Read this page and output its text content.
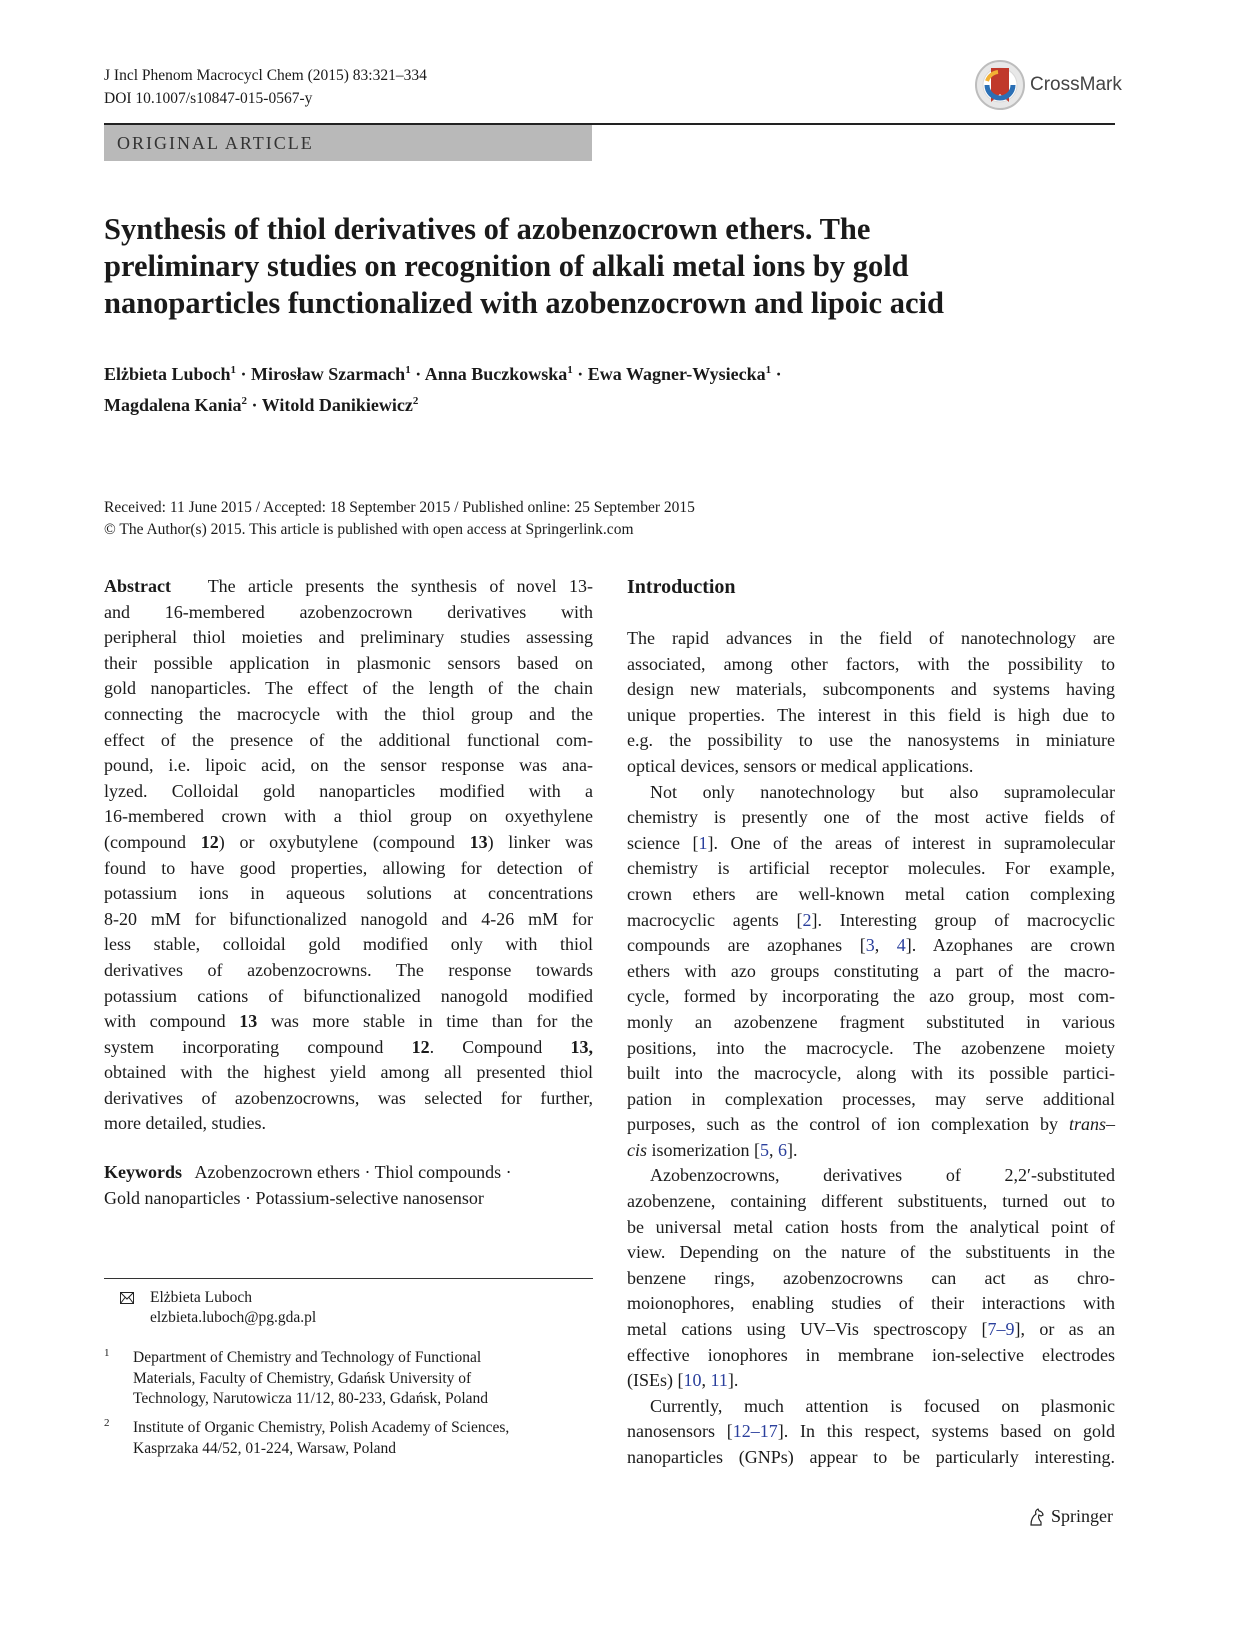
J Incl Phenom Macrocycl Chem (2015) 83:321–334
DOI 10.1007/s10847-015-0567-y
CrossMark
ORIGINAL ARTICLE
Synthesis of thiol derivatives of azobenzocrown ethers. The
preliminary studies on recognition of alkali metal ions by gold
nanoparticles functionalized with azobenzocrown and lipoic acid
Elżbieta Luboch$^1$ · Mirosław Szarmach$^1$ · Anna Buczkowska$^1$ · Ewa Wagner-Wysiecka$^1$ ·
Magdalena Kania$^2$ · Witold Danikiewicz$^2$
Received: 11 June 2015 / Accepted: 18 September 2015 / Published online: 25 September 2015
© The Author(s) 2015. This article is published with open access at Springerlink.com

Abstract The article presents the synthesis of novel 13-
and 16-membered azobenzocrown derivatives with
peripheral thiol moieties and preliminary studies assessing
their possible application in plasmonic sensors based on
gold nanoparticles. The effect of the length of the chain
connecting the macrocycle with the thiol group and the
effect of the presence of the additional functional com-
pound, i.e. lipoic acid, on the sensor response was ana-
lyzed. Colloidal gold nanoparticles modified with a
16-membered crown with a thiol group on oxyethylene
(compound 12) or oxybutylene (compound 13) linker was
found to have good properties, allowing for detection of
potassium ions in aqueous solutions at concentrations
8-20 mM for bifunctionalized nanogold and 4-26 mM for
less stable, colloidal gold modified only with thiol
derivatives of azobenzocrowns. The response towards
potassium cations of bifunctionalized nanogold modified
with compound 13 was more stable in time than for the
system incorporating compound 12. Compound 13,
obtained with the highest yield among all presented thiol
derivatives of azobenzocrowns, was selected for further,
more detailed, studies.

Keywords Azobenzocrown ethers · Thiol compounds ·
Gold nanoparticles · Potassium-selective nanosensor
Elżbieta Luboch
elzbieta.luboch@pg.gda.pl
1 Department of Chemistry and Technology of Functional
Materials, Faculty of Chemistry, Gdańsk University of
Technology, Narutowicza 11/12, 80-233, Gdańsk, Poland
2 Institute of Organic Chemistry, Polish Academy of Sciences,
Kasprzaka 44/52, 01-224, Warsaw, Poland
Introduction

The rapid advances in the field of nanotechnology are
associated, among other factors, with the possibility to
design new materials, subcomponents and systems having
unique properties. The interest in this field is high due to
e.g. the possibility to use the nanosystems in miniature
optical devices, sensors or medical applications.

Not only nanotechnology but also supramolecular
chemistry is presently one of the most active fields of
science [1]. One of the areas of interest in supramolecular
chemistry is artificial receptor molecules. For example,
crown ethers are well-known metal cation complexing
macrocyclic agents [2]. Interesting group of macrocyclic
compounds are azophanes [3, 4]. Azophanes are crown
ethers with azo groups constituting a part of the macro-
cycle, formed by incorporating the azo group, most com-
monly an azobenzene fragment substituted in various
positions, into the macrocycle. The azobenzene moiety
built into the macrocycle, along with its possible partici-
pation in complexation processes, may serve additional
purposes, such as the control of ion complexation by trans–
cis isomerization [5, 6].

Azobenzocrowns, derivatives of 2,2′-substituted
azobenzene, containing different substituents, turned out to
be universal metal cation hosts from the analytical point of
view. Depending on the nature of the substituents in the
benzene rings, azobenzocrowns can act as chro-
moionophores, enabling studies of their interactions with
metal cations using UV–Vis spectroscopy [7–9], or as an
effective ionophores in membrane ion-selective electrodes
(ISEs) [10, 11].

Currently, much attention is focused on plasmonic
nanosensors [12–17]. In this respect, systems based on gold
nanoparticles (GNPs) appear to be particularly interesting.

Springer
